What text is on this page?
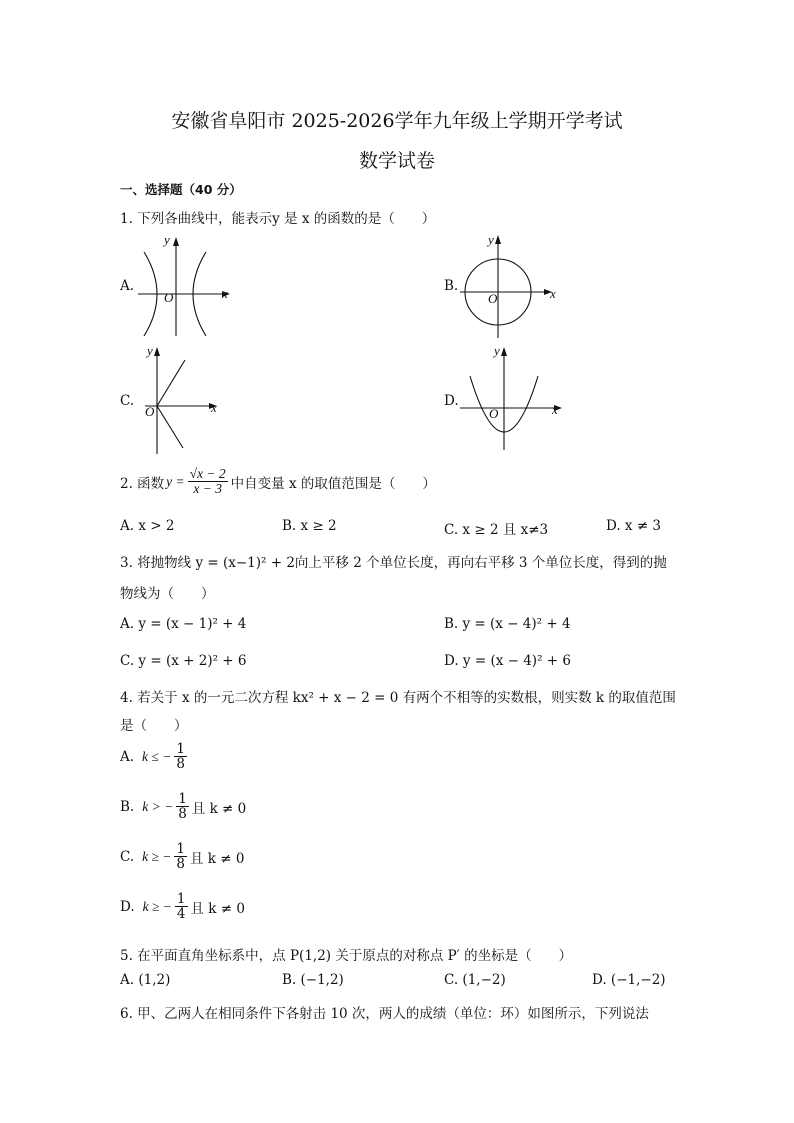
安徽省阜阳市 2025-2026学年九年级上学期开学考试
数学试卷
一、选择题（40 分）
1. 下列各曲线中，能表示y 是 x 的函数的是（　　）
A.
y
O	x	B.
y
O	x
C.
y
O	x	D.
y
O	x
2. 函数 $y = \frac{√x - 2}{x - 3}$ 中自变量 x 的取值范围是（　　）
A. x > 2	B. x ≥ 2	C. x ≥ 2 且 x≠3	D. x ≠ 3
3. 将抛物线 y = (x−1)² + 2向上平移 2 个单位长度，再向右平移 3 个单位长度，得到的抛
物线为（　　）
A. y = (x − 1)² + 4	B. y = (x − 4)² + 4
C. y = (x + 2)² + 6	D. y = (x − 4)² + 6
4. 若关于 x 的一元二次方程 kx² + x − 2 = 0 有两个不相等的实数根，则实数 k 的取值范围
是（　　）
A. k ≤ − $\frac{1}{8}$
B. k > − $\frac{1}{8}$ 且 k ≠ 0
C. k ≥ − $\frac{1}{8}$ 且 k ≠ 0
D. k ≥ − $\frac{1}{4}$ 且 k ≠ 0
5. 在平面直角坐标系中，点 P(1,2) 关于原点的对称点 P′ 的坐标是（　　）
A. (1,2)	B. (−1,2)	C. (1,−2)	D. (−1,−2)
6. 甲、乙两人在相同条件下各射击 10 次，两人的成绩（单位：环）如图所示，下列说法
